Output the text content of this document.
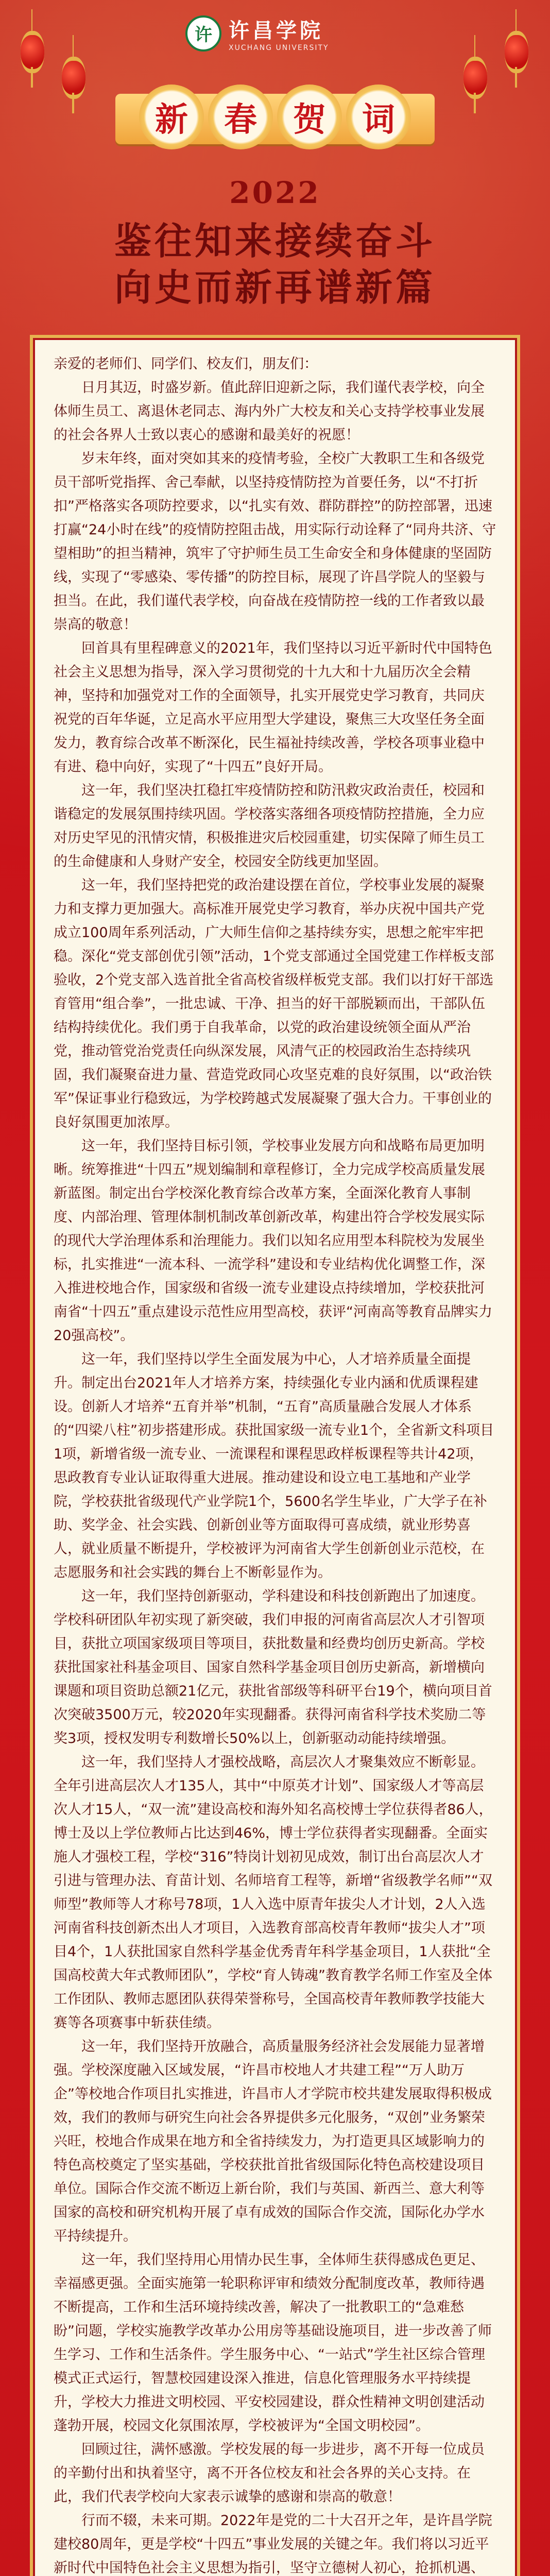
许 许昌学院
XUCHANG UNIVERSITY
新	春	贺	词
2022
鉴往知来接续奋斗
向史而新再谱新篇

亲爱的老师们、同学们、校友们，朋友们：

日月其迈，时盛岁新。值此辞旧迎新之际，我们谨代表学校，向全体师生员工、离退休老同志、海内外广大校友和关心支持学校事业发展的社会各界人士致以衷心的感谢和最美好的祝愿！

岁末年终，面对突如其来的疫情考验，全校广大教职工生和各级党员干部听党指挥、舍己奉献，以坚持疫情防控为首要任务，以“不打折扣”严格落实各项防控要求，以“扎实有效、群防群控”的防控部署，迅速打赢“24小时在线”的疫情防控阻击战，用实际行动诠释了“同舟共济、守望相助”的担当精神，筑牢了守护师生员工生命安全和身体健康的坚固防线，实现了“零感染、零传播”的防控目标，展现了许昌学院人的坚毅与担当。在此，我们谨代表学校，向奋战在疫情防控一线的工作者致以最崇高的敬意！

回首具有里程碑意义的2021年，我们坚持以习近平新时代中国特色社会主义思想为指导，深入学习贯彻党的十九大和十九届历次全会精神，坚持和加强党对工作的全面领导，扎实开展党史学习教育，共同庆祝党的百年华诞，立足高水平应用型大学建设，聚焦三大攻坚任务全面发力，教育综合改革不断深化，民生福祉持续改善，学校各项事业稳中有进、稳中向好，实现了“十四五”良好开局。

这一年，我们坚决扛稳扛牢疫情防控和防汛救灾政治责任，校园和谐稳定的发展氛围持续巩固。学校落实落细各项疫情防控措施，全力应对历史罕见的汛情灾情，积极推进灾后校园重建，切实保障了师生员工的生命健康和人身财产安全，校园安全防线更加坚固。

这一年，我们坚持把党的政治建设摆在首位，学校事业发展的凝聚力和支撑力更加强大。高标准开展党史学习教育，举办庆祝中国共产党成立100周年系列活动，广大师生信仰之基持续夯实，思想之舵牢牢把稳。深化“党支部创优引领”活动，1个党支部通过全国党建工作样板支部验收，2个党支部入选首批全省高校省级样板党支部。我们以打好干部选育管用“组合拳”，一批忠诚、干净、担当的好干部脱颖而出，干部队伍结构持续优化。我们勇于自我革命，以党的政治建设统领全面从严治党，推动管党治党责任向纵深发展，风清气正的校园政治生态持续巩固，我们凝聚奋进力量、营造党政同心攻坚克难的良好氛围，以“政治铁军”保证事业行稳致远，为学校跨越式发展凝聚了强大合力。干事创业的良好氛围更加浓厚。

这一年，我们坚持目标引领，学校事业发展方向和战略布局更加明晰。统筹推进“十四五”规划编制和章程修订，全力完成学校高质量发展新蓝图。制定出台学校深化教育综合改革方案，全面深化教育人事制度、内部治理、管理体制机制改革创新改革，构建出符合学校发展实际的现代大学治理体系和治理能力。我们以知名应用型本科院校为发展坐标，扎实推进“一流本科、一流学科”建设和专业结构优化调整工作，深入推进校地合作，国家级和省级一流专业建设点持续增加，学校获批河南省“十四五”重点建设示范性应用型高校，获评“河南高等教育品牌实力20强高校”。

这一年，我们坚持以学生全面发展为中心，人才培养质量全面提升。制定出台2021年人才培养方案，持续强化专业内涵和优质课程建设。创新人才培养“五育并举”机制，“五育”高质量融合发展人才体系的“四梁八柱”初步搭建形成。获批国家级一流专业1个，全省新文科项目1项，新增省级一流专业、一流课程和课程思政样板课程等共计42项，思政教育专业认证取得重大进展。推动建设和设立电工基地和产业学院，学校获批省级现代产业学院1个，5600名学生毕业，广大学子在补助、奖学金、社会实践、创新创业等方面取得可喜成绩，就业形势喜人，就业质量不断提升，学校被评为河南省大学生创新创业示范校，在志愿服务和社会实践的舞台上不断彰显作为。

这一年，我们坚持创新驱动，学科建设和科技创新跑出了加速度。学校科研团队年初实现了新突破，我们申报的河南省高层次人才引智项目，获批立项国家级项目等项目，获批数量和经费均创历史新高。学校获批国家社科基金项目、国家自然科学基金项目创历史新高，新增横向课题和项目资助总额21亿元，获批省部级等科研平台19个，横向项目首次突破3500万元，较2020年实现翻番。获得河南省科学技术奖励二等奖3项，授权发明专利数增长50%以上，创新驱动动能持续增强。

这一年，我们坚持人才强校战略，高层次人才聚集效应不断彰显。全年引进高层次人才135人，其中“中原英才计划”、国家级人才等高层次人才15人，“双一流”建设高校和海外知名高校博士学位获得者86人，博士及以上学位教师占比达到46%，博士学位获得者实现翻番。全面实施人才强校工程，学校“316”特岗计划初见成效，制订出台高层次人才引进与管理办法、育苗计划、名师培育工程等，新增“省级教学名师”“双师型”教师等人才称号78项，1人入选中原青年拔尖人才计划，2人入选河南省科技创新杰出人才项目，入选教育部高校青年教师“拔尖人才”项目4个，1人获批国家自然科学基金优秀青年科学基金项目，1人获批“全国高校黄大年式教师团队”，学校“育人铸魂”教育教学名师工作室及全体工作团队、教师志愿团队获得荣誉称号，全国高校青年教师教学技能大赛等各项赛事中斩获佳绩。

这一年，我们坚持开放融合，高质量服务经济社会发展能力显著增强。学校深度融入区域发展，“许昌市校地人才共建工程”“万人助万企”等校地合作项目扎实推进，许昌市人才学院市校共建发展取得积极成效，我们的教师与研究生向社会各界提供多元化服务，“双创”业务繁荣兴旺，校地合作成果在地方和全省持续发力，为打造更具区域影响力的特色高校奠定了坚实基础，学校获批首批省级国际化特色高校建设项目单位。国际合作交流不断迈上新台阶，我们与英国、新西兰、意大利等国家的高校和研究机构开展了卓有成效的国际合作交流，国际化办学水平持续提升。

这一年，我们坚持用心用情办民生事，全体师生获得感成色更足、幸福感更强。全面实施第一轮职称评审和绩效分配制度改革，教师待遇不断提高，工作和生活环境持续改善，解决了一批教职工的“急难愁盼”问题，学校实施教学改革办公用房等基础设施项目，进一步改善了师生学习、工作和生活条件。学生服务中心、“一站式”学生社区综合管理模式正式运行，智慧校园建设深入推进，信息化管理服务水平持续提升，学校大力推进文明校园、平安校园建设，群众性精神文明创建活动蓬勃开展，校园文化氛围浓厚，学校被评为“全国文明校园”。

回顾过往，满怀感激。学校发展的每一步进步，离不开每一位成员的辛勤付出和执着坚守，离不开各位校友和社会各界的关心支持。在此，我们代表学校向大家表示诚挚的感谢和崇高的敬意！

行而不辍，未来可期。2022年是党的二十大召开之年，是许昌学院建校80周年，更是学校“十四五”事业发展的关键之年。我们将以习近平新时代中国特色社会主义思想为指引，坚守立德树人初心，抢抓机遇、
